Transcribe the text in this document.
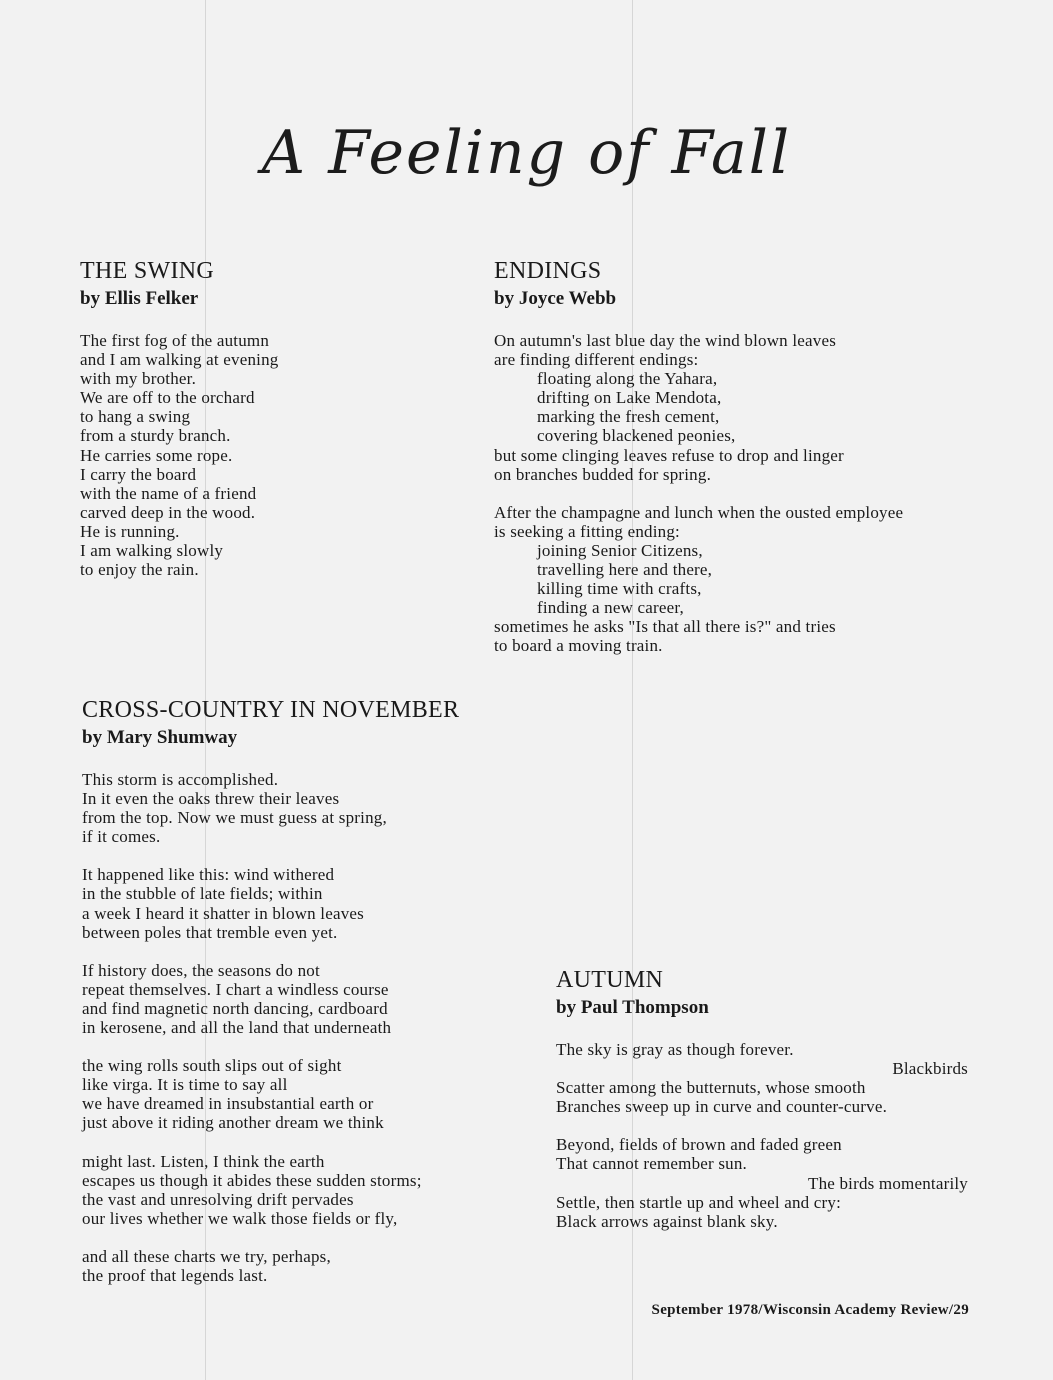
A Feeling of Fall
THE SWING
by Ellis Felker
The first fog of the autumn
and I am walking at evening
with my brother.
We are off to the orchard
to hang a swing
from a sturdy branch.
He carries some rope.
I carry the board
with the name of a friend
carved deep in the wood.
He is running.
I am walking slowly
to enjoy the rain.
ENDINGS
by Joyce Webb
On autumn's last blue day the wind blown leaves
are finding different endings:
floating along the Yahara,
drifting on Lake Mendota,
marking the fresh cement,
covering blackened peonies,
but some clinging leaves refuse to drop and linger
on branches budded for spring.
After the champagne and lunch when the ousted employee
is seeking a fitting ending:
joining Senior Citizens,
travelling here and there,
killing time with crafts,
finding a new career,
sometimes he asks "Is that all there is?" and tries
to board a moving train.
CROSS-COUNTRY IN NOVEMBER
by Mary Shumway
This storm is accomplished.
In it even the oaks threw their leaves
from the top. Now we must guess at spring,
if it comes.
It happened like this: wind withered
in the stubble of late fields; within
a week I heard it shatter in blown leaves
between poles that tremble even yet.
If history does, the seasons do not
repeat themselves. I chart a windless course
and find magnetic north dancing, cardboard
in kerosene, and all the land that underneath
the wing rolls south slips out of sight
like virga. It is time to say all
we have dreamed in insubstantial earth or
just above it riding another dream we think
might last. Listen, I think the earth
escapes us though it abides these sudden storms;
the vast and unresolving drift pervades
our lives whether we walk those fields or fly,
and all these charts we try, perhaps,
the proof that legends last.
AUTUMN
by Paul Thompson
The sky is gray as though forever.
Blackbirds
Scatter among the butternuts, whose smooth
Branches sweep up in curve and counter-curve.
Beyond, fields of brown and faded green
That cannot remember sun.
The birds momentarily
Settle, then startle up and wheel and cry:
Black arrows against blank sky.
September 1978/Wisconsin Academy Review/29
